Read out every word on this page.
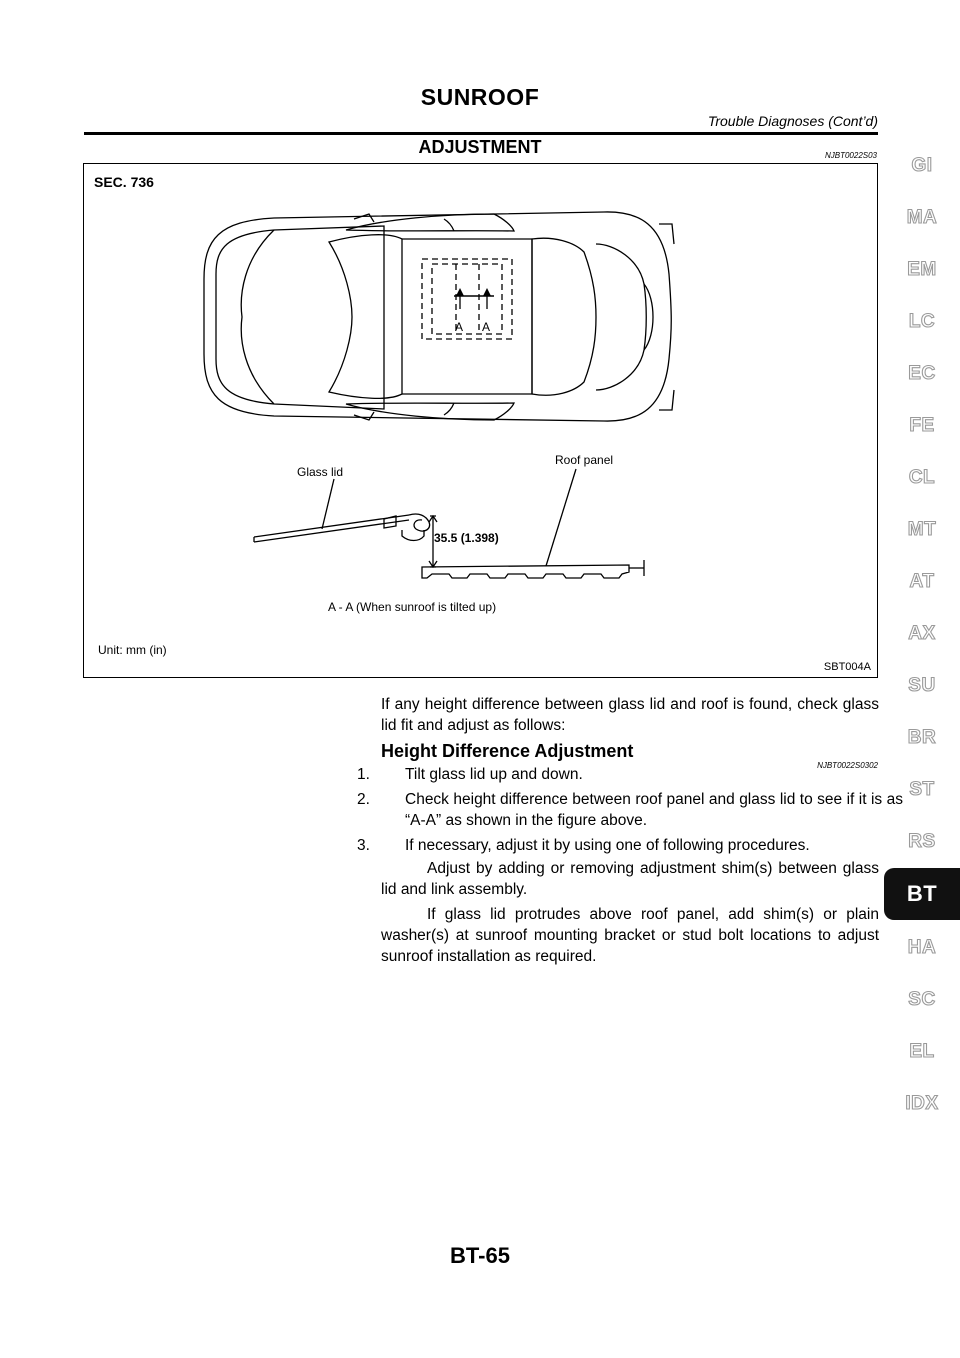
SUNROOF
Trouble Diagnoses (Cont’d)
ADJUSTMENT	NJBT0022S03
SEC. 736
A A
Glass lid
Roof panel
35.5 (1.398)
A - A (When sunroof is tilted up)
Unit: mm (in)
SBT004A
If any height difference between glass lid and roof is found, check glass lid fit and adjust as follows:
Height Difference Adjustment
NJBT0022S0302
1. Tilt glass lid up and down.
2. Check height difference between roof panel and glass lid to see if it is as “A-A” as shown in the figure above.
3. If necessary, adjust it by using one of following procedures.
Adjust by adding or removing adjustment shim(s) between glass lid and link assembly.
If glass lid protrudes above roof panel, add shim(s) or plain washer(s) at sunroof mounting bracket or stud bolt locations to adjust sunroof installation as required.
GI
MA
EM
LC
EC
FE
CL
MT
AT
AX
SU
BR
ST
RS
BT
HA
SC
EL
IDX
BT-65
